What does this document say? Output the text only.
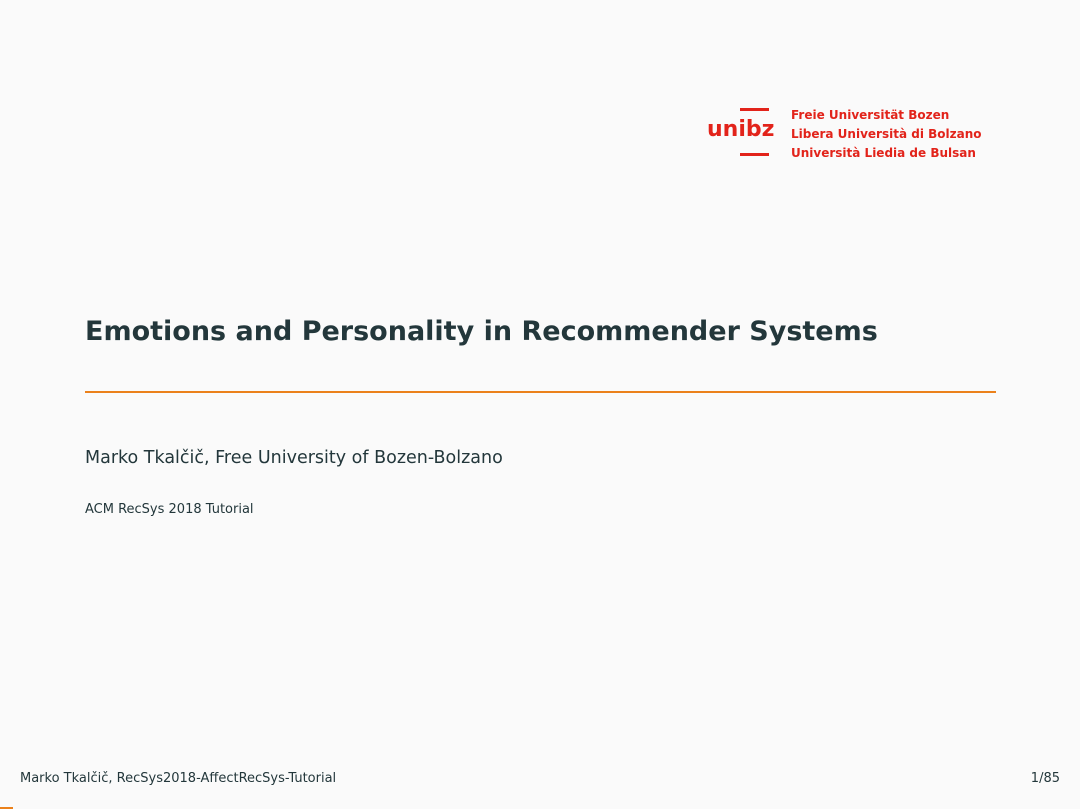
unibz
Freie Universität Bozen
Libera Università di Bolzano
Università Liedia de Bulsan
Emotions and Personality in Recommender Systems
Marko Tkalčič, Free University of Bozen-Bolzano
ACM RecSys 2018 Tutorial
Marko Tkalčič, RecSys2018-AffectRecSys-Tutorial	1/85
